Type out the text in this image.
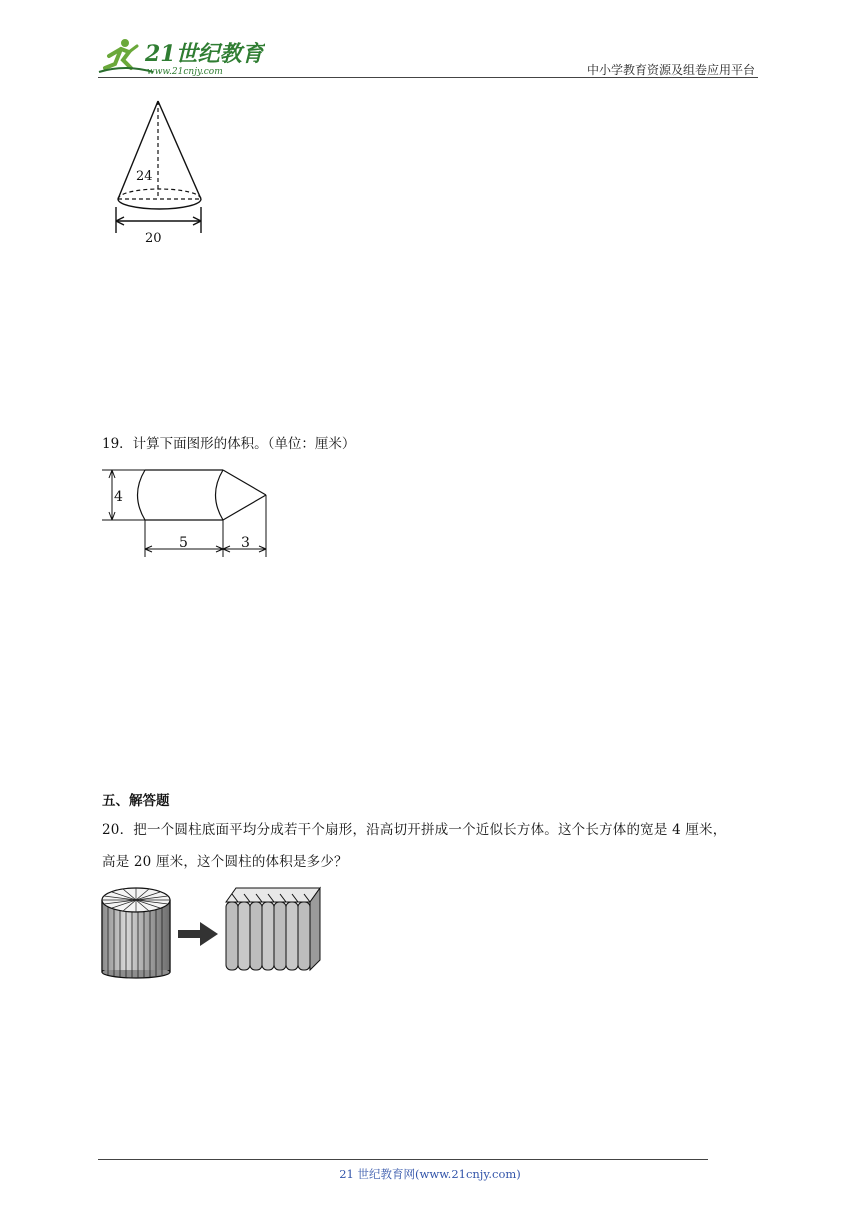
21世纪教育
www.21cnjy.com	中小学教育资源及组卷应用平台
24
20
19．计算下面图形的体积。（单位：厘米）
4
5	3
五、解答题
20．把一个圆柱底面平均分成若干个扇形，沿高切开拼成一个近似长方体。这个长方体的宽是 4 厘米，
高是 20 厘米，这个圆柱的体积是多少？
21 世纪教育网(www.21cnjy.com)
